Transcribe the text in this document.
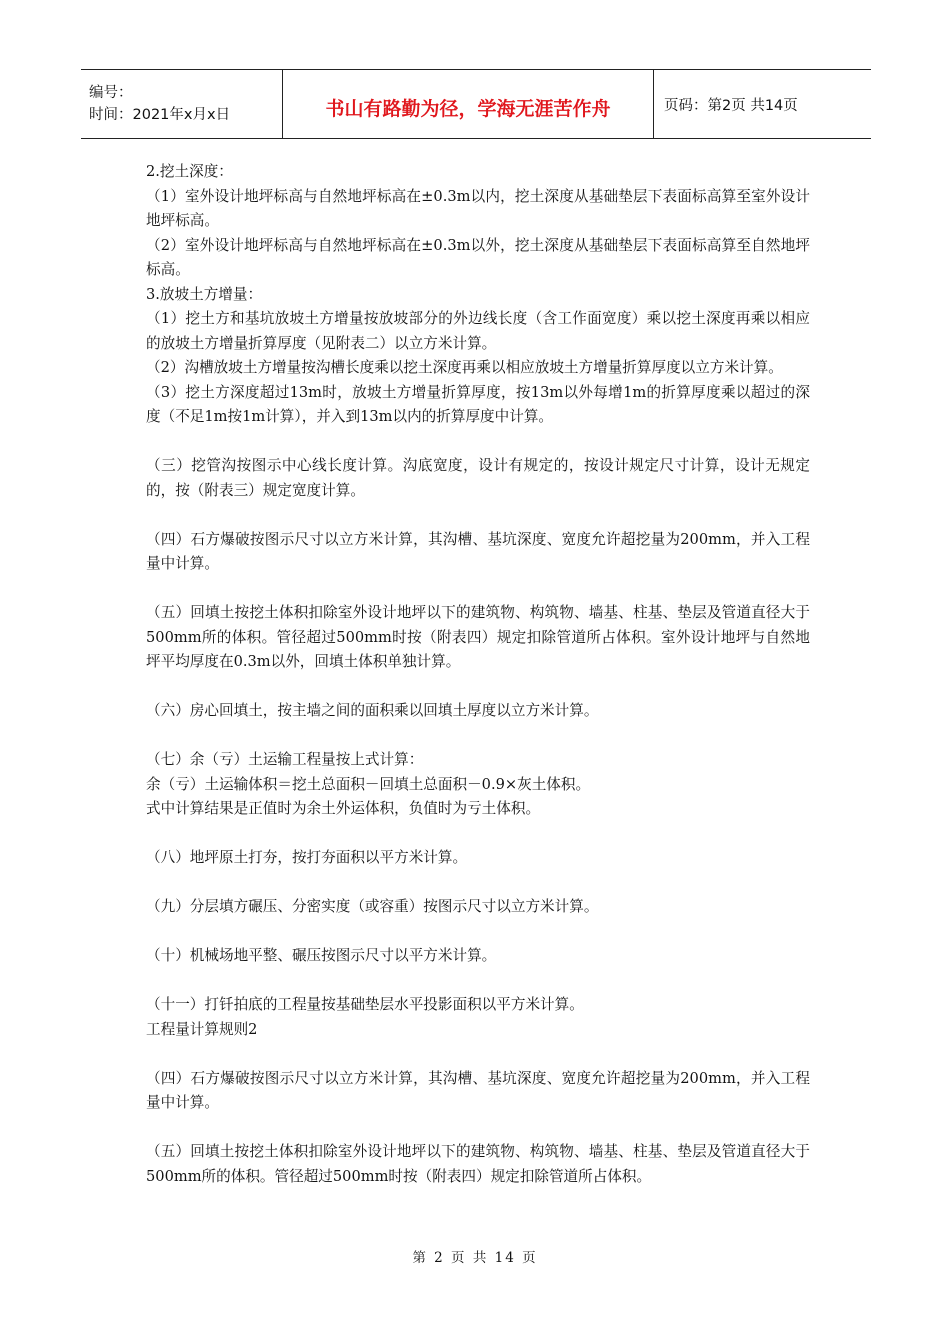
编号：
时间：2021年x月x日	书山有路勤为径，学海无涯苦作舟	页码：第2页 共14页

2.挖土深度：

（1）室外设计地坪标高与自然地坪标高在±0.3m以内，挖土深度从基础垫层下表面标高算至室外设计地坪标高。

（2）室外设计地坪标高与自然地坪标高在±0.3m以外，挖土深度从基础垫层下表面标高算至自然地坪标高。

3.放坡土方增量：

（1）挖土方和基坑放坡土方增量按放坡部分的外边线长度（含工作面宽度）乘以挖土深度再乘以相应的放坡土方增量折算厚度（见附表二）以立方米计算。

（2）沟槽放坡土方增量按沟槽长度乘以挖土深度再乘以相应放坡土方增量折算厚度以立方米计算。

（3）挖土方深度超过13m时，放坡土方增量折算厚度，按13m以外每增1m的折算厚度乘以超过的深度（不足1m按1m计算），并入到13m以内的折算厚度中计算。

（三）挖管沟按图示中心线长度计算。沟底宽度，设计有规定的，按设计规定尺寸计算，设计无规定的，按（附表三）规定宽度计算。

（四）石方爆破按图示尺寸以立方米计算，其沟槽、基坑深度、宽度允许超挖量为200mm，并入工程量中计算。

（五）回填土按挖土体积扣除室外设计地坪以下的建筑物、构筑物、墙基、柱基、垫层及管道直径大于500mm所的体积。管径超过500mm时按（附表四）规定扣除管道所占体积。室外设计地坪与自然地坪平均厚度在0.3m以外，回填土体积单独计算。

（六）房心回填土，按主墙之间的面积乘以回填土厚度以立方米计算。

（七）余（亏）土运输工程量按上式计算：

余（亏）土运输体积＝挖土总面积－回填土总面积－0.9×灰土体积。

式中计算结果是正值时为余土外运体积，负值时为亏土体积。

（八）地坪原土打夯，按打夯面积以平方米计算。

（九）分层填方碾压、分密实度（或容重）按图示尺寸以立方米计算。

（十）机械场地平整、碾压按图示尺寸以平方米计算。

（十一）打钎拍底的工程量按基础垫层水平投影面积以平方米计算。

工程量计算规则2

（四）石方爆破按图示尺寸以立方米计算，其沟槽、基坑深度、宽度允许超挖量为200mm，并入工程量中计算。

（五）回填土按挖土体积扣除室外设计地坪以下的建筑物、构筑物、墙基、柱基、垫层及管道直径大于500mm所的体积。管径超过500mm时按（附表四）规定扣除管道所占体积。

第 2 页 共 14 页
